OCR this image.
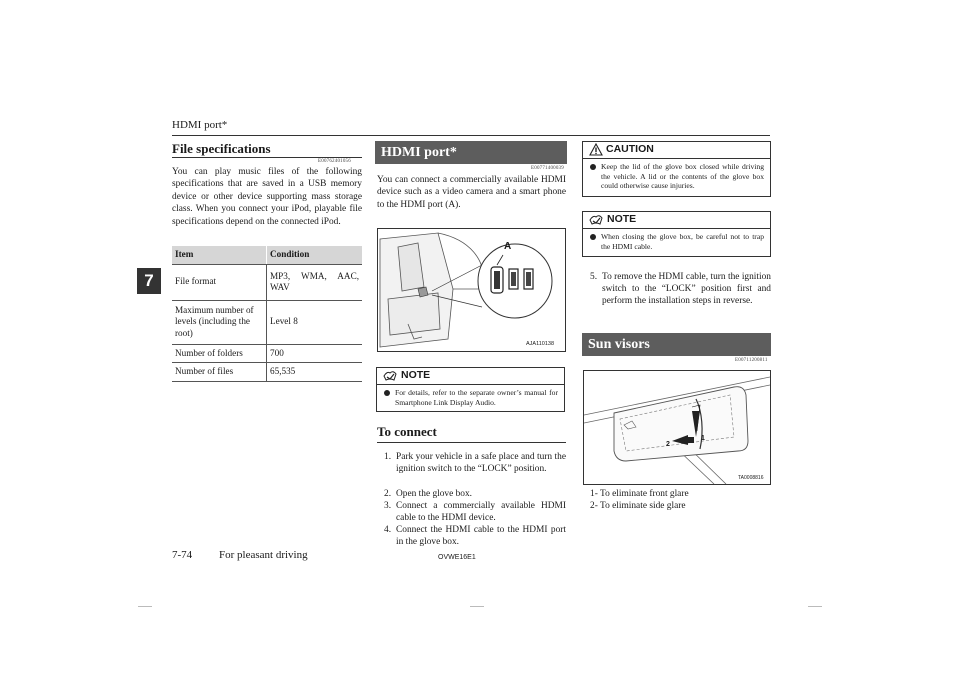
HDMI port*
7
File specifications
E00762401056
You can play music files of the following specifications that are saved in a USB memory device or other device supporting mass storage class. When you connect your iPod, playable file specifications depend on the connected iPod.
Item	Condition
File format	MP3, WMA, AAC, WAV
Maximum number of levels (including the root)	Level 8
Number of folders	700
Number of files	65,535
HDMI port*
E00771400039
You can connect a commercially available HDMI device such as a video camera and a smart phone to the HDMI port (A).
A
AJA110138
NOTE
For details, refer to the separate owner’s manual for Smartphone Link Display Audio.
To connect
1. Park your vehicle in a safe place and turn the ignition switch to the “LOCK” position.
2. Open the glove box.
3. Connect a commercially available HDMI cable to the HDMI device.
4. Connect the HDMI cable to the HDMI port in the glove box.
CAUTION
Keep the lid of the glove box closed while driving the vehicle. A lid or the contents of the glove box could otherwise cause injuries.
NOTE
When closing the glove box, be careful not to trap the HDMI cable.
5. To remove the HDMI cable, turn the ignition switch to the “LOCK” position first and perform the installation steps in reverse.
Sun visors
E00711200811
1
2
TA0008816
1- To eliminate front glare
2- To eliminate side glare
7-74 For pleasant driving	OVWE16E1
